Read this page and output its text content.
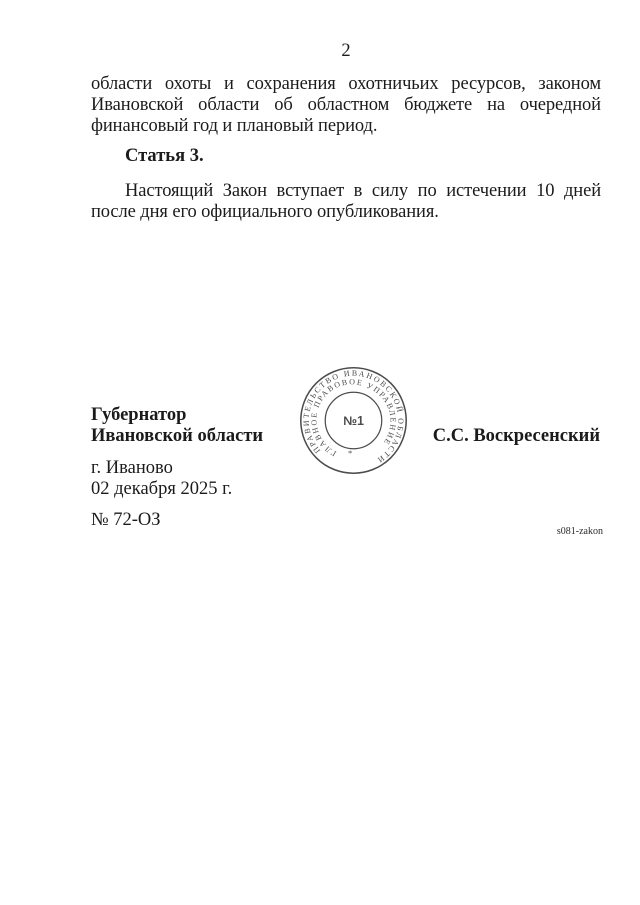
2
области охоты и сохранения охотничьих ресурсов, законом Ивановской области об областном бюджете на очередной финансовый год и плановый период.
Статья 3.
Настоящий Закон вступает в силу по истечении 10 дней после дня его официального опубликования.
ПРАВИТЕЛЬСТВО ИВАНОВСКОЙ ОБЛАСТИ
ГЛАВНОЕ ПРАВОВОЕ УПРАВЛЕНИЕ
*
№1
Губернатор
Ивановской области	С.С. Воскресенский
г. Иваново
02 декабря 2025 г.
№ 72-ОЗ
s081-zakon
